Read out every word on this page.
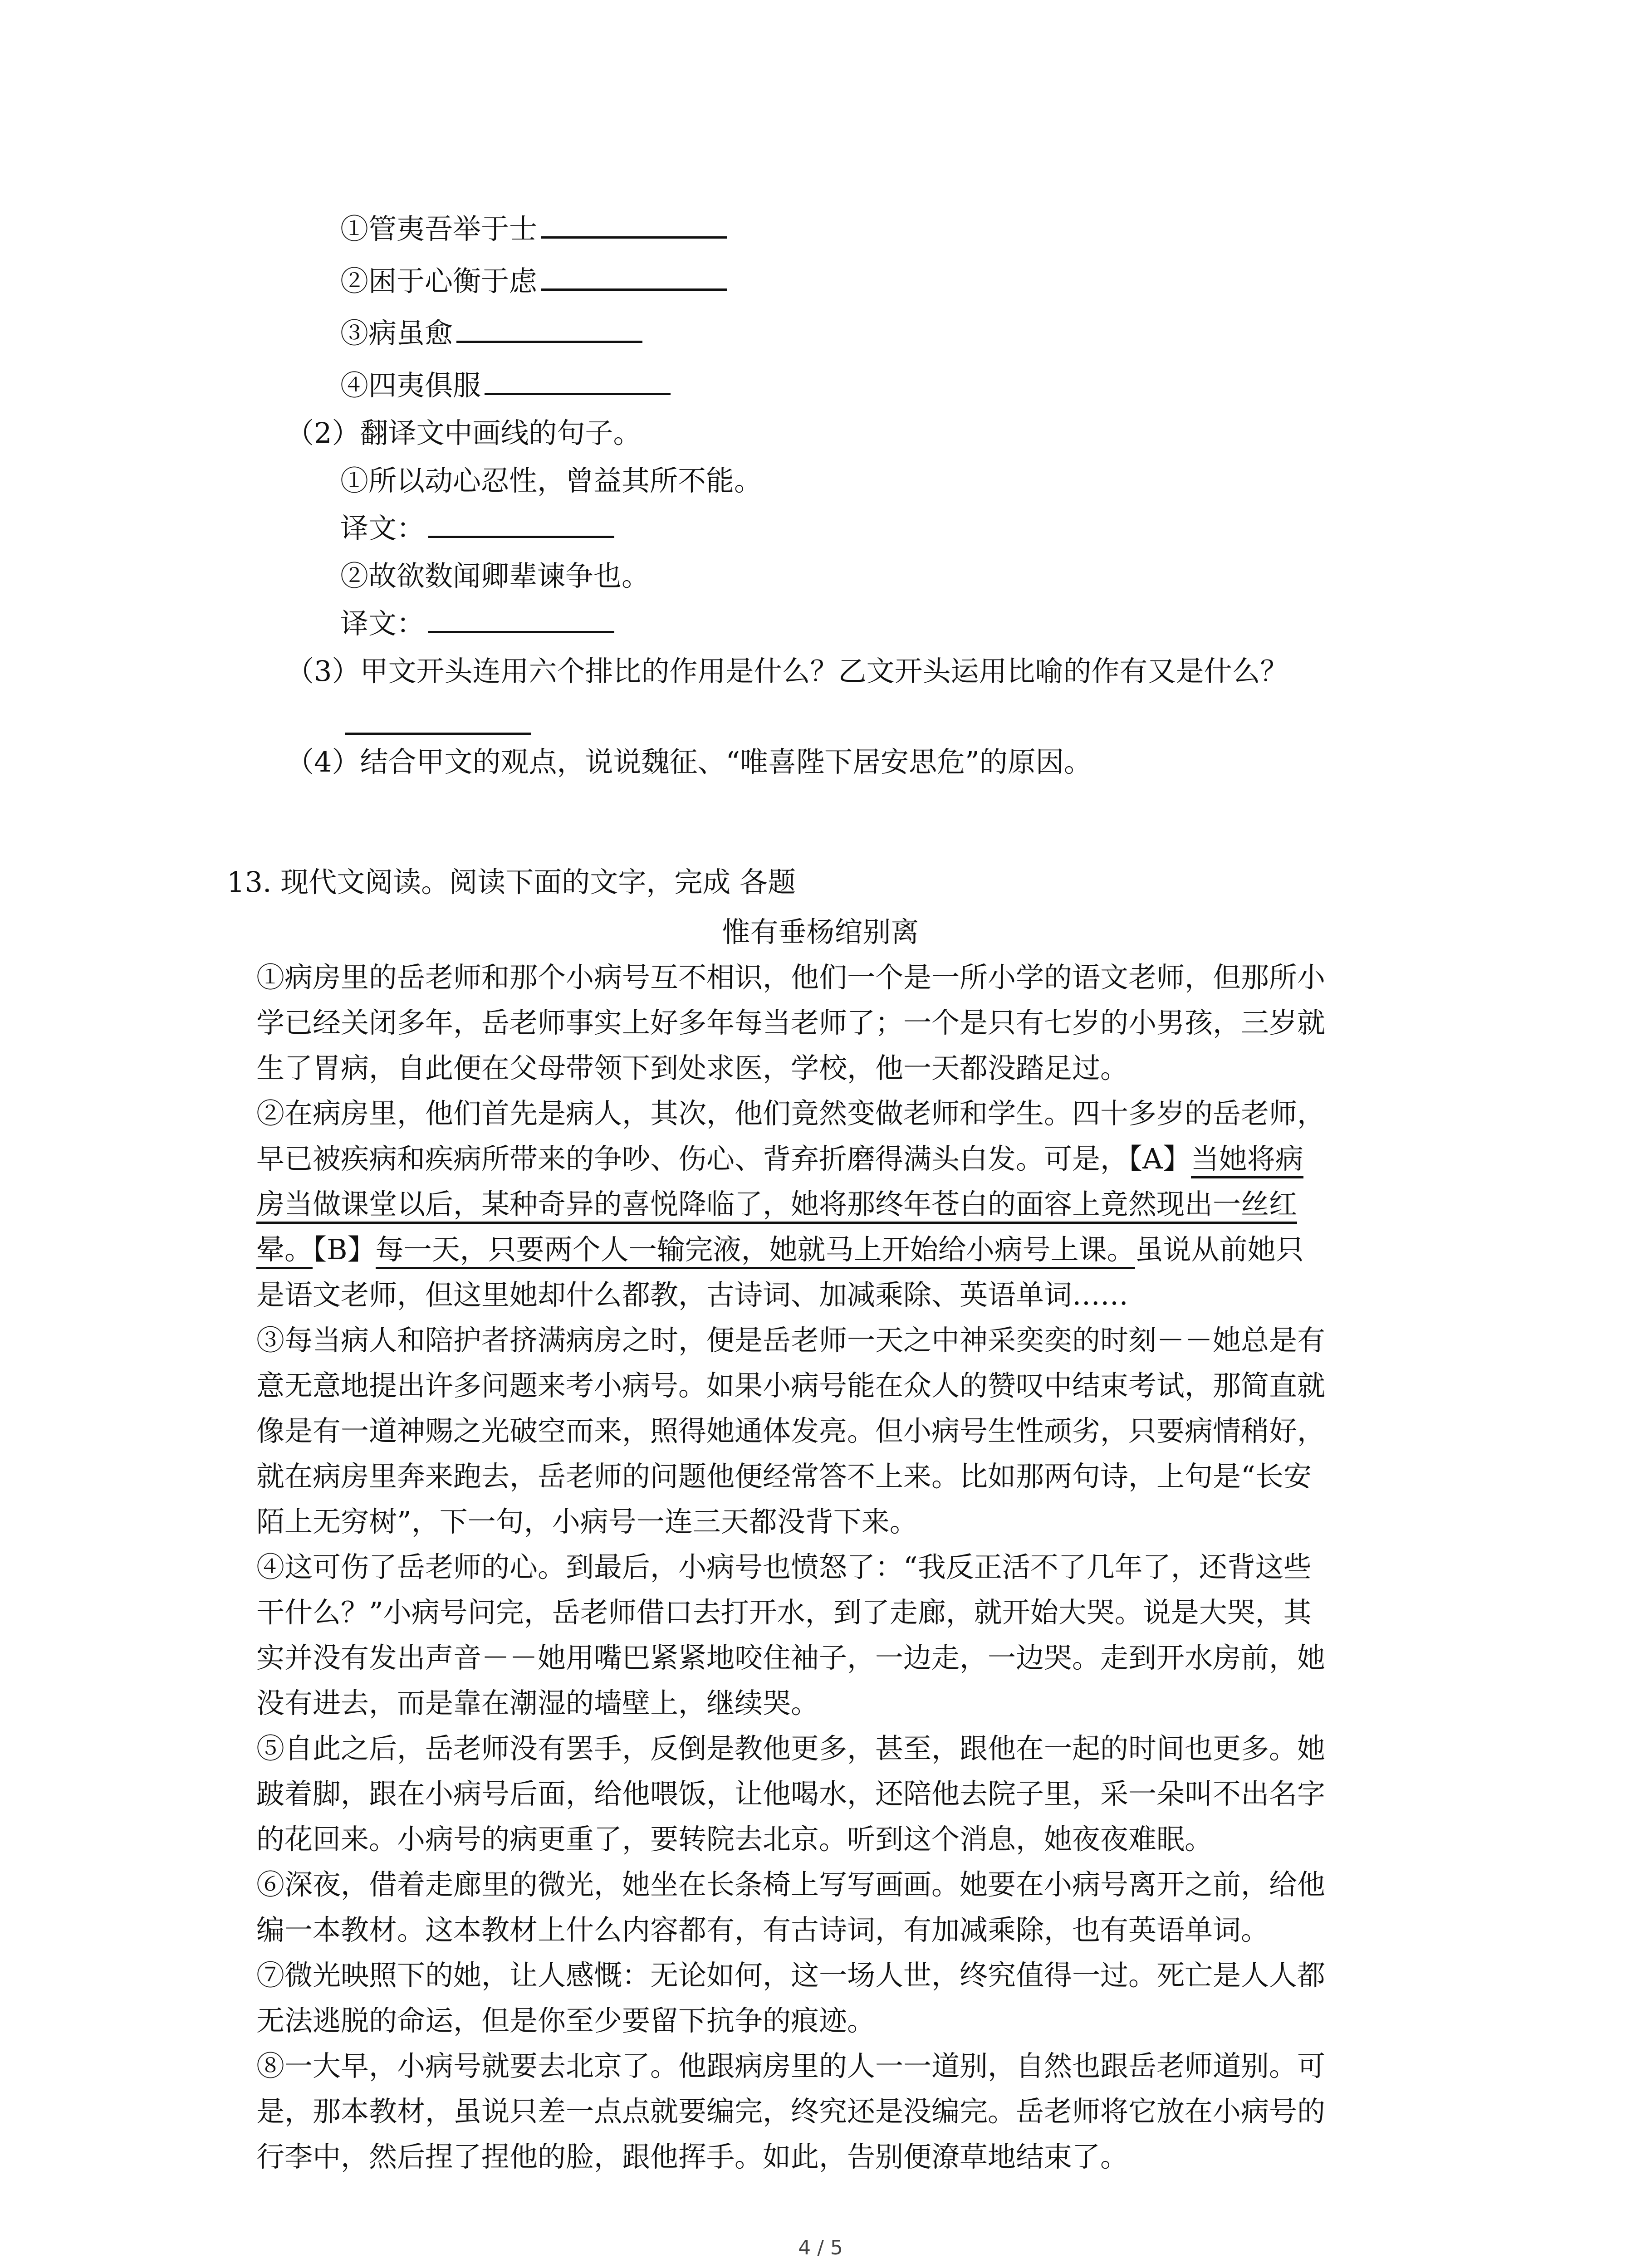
①管夷吾举于士
②困于心衡于虑
③病虽愈
④四夷俱服
（2）翻译文中画线的句子。
①所以动心忍性，曾益其所不能。
译文：
②故欲数闻卿辈谏争也。
译文：
（3）甲文开头连用六个排比的作用是什么？乙文开头运用比喻的作有又是什么？
（4）结合甲文的观点，说说魏征、“唯喜陛下居安思危”的原因。
13. 现代文阅读。阅读下面的文字，完成 各题
惟有垂杨绾别离
①病房里的岳老师和那个小病号互不相识，他们一个是一所小学的语文老师，但那所小
学已经关闭多年，岳老师事实上好多年每当老师了；一个是只有七岁的小男孩，三岁就
生了胃病，自此便在父母带领下到处求医，学校，他一天都没踏足过。
②在病房里，他们首先是病人，其次，他们竟然变做老师和学生。四十多岁的岳老师，
早已被疾病和疾病所带来的争吵、伤心、背弃折磨得满头白发。可是，【A】当她将病
房当做课堂以后，某种奇异的喜悦降临了，她将那终年苍白的面容上竟然现出一丝红
晕。【B】每一天，只要两个人一输完液，她就马上开始给小病号上课。虽说从前她只
是语文老师，但这里她却什么都教，古诗词、加减乘除、英语单词……
③每当病人和陪护者挤满病房之时，便是岳老师一天之中神采奕奕的时刻－－她总是有
意无意地提出许多问题来考小病号。如果小病号能在众人的赞叹中结束考试，那简直就
像是有一道神赐之光破空而来，照得她通体发亮。但小病号生性顽劣，只要病情稍好，
就在病房里奔来跑去，岳老师的问题他便经常答不上来。比如那两句诗，上句是“长安
陌上无穷树”，下一句，小病号一连三天都没背下来。
④这可伤了岳老师的心。到最后，小病号也愤怒了：“我反正活不了几年了，还背这些
干什么？”小病号问完，岳老师借口去打开水，到了走廊，就开始大哭。说是大哭，其
实并没有发出声音－－她用嘴巴紧紧地咬住袖子，一边走，一边哭。走到开水房前，她
没有进去，而是靠在潮湿的墙壁上，继续哭。
⑤自此之后，岳老师没有罢手，反倒是教他更多，甚至，跟他在一起的时间也更多。她
跛着脚，跟在小病号后面，给他喂饭，让他喝水，还陪他去院子里，采一朵叫不出名字
的花回来。小病号的病更重了，要转院去北京。听到这个消息，她夜夜难眠。
⑥深夜，借着走廊里的微光，她坐在长条椅上写写画画。她要在小病号离开之前，给他
编一本教材。这本教材上什么内容都有，有古诗词，有加减乘除，也有英语单词。
⑦微光映照下的她，让人感慨：无论如何，这一场人世，终究值得一过。死亡是人人都
无法逃脱的命运，但是你至少要留下抗争的痕迹。
⑧一大早，小病号就要去北京了。他跟病房里的人一一道别，自然也跟岳老师道别。可
是，那本教材，虽说只差一点点就要编完，终究还是没编完。岳老师将它放在小病号的
行李中，然后捏了捏他的脸，跟他挥手。如此，告别便潦草地结束了。
4 / 5
